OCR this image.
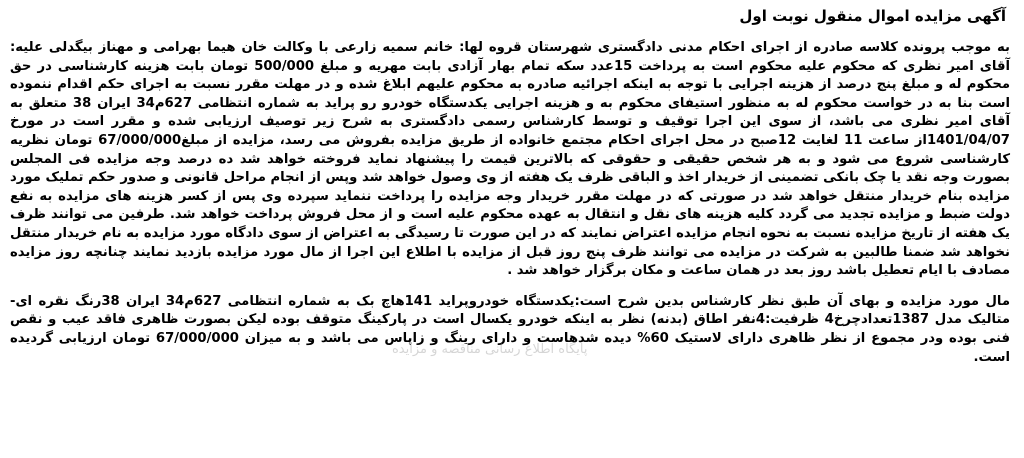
آگهی مزایده اموال منقول نوبت اول

به موجب پرونده کلاسه صادره از اجرای احکام مدنی دادگستری شهرستان قروه لها: خانم سمیه زارعی با وکالت خان هیما بهرامی و مهناز بیگدلی علیه: آقای امیر نظری که محکوم علیه محکوم است به پرداخت 15عدد سکه تمام بهار آزادی بابت مهریه و مبلغ 500/000 تومان بابت هزینه کارشناسی در حق محکوم له و مبلغ پنج درصد از هزینه اجرایی با توجه به اینکه اجرائیه صادره به محکوم علیهم ابلاغ شده و در مهلت مقرر نسبت به اجرای حکم اقدام ننموده است بنا به در خواست محکوم له به منظور استیفای محکوم به و هزینه اجرایی یکدستگاه خودرو رو پراید به شماره انتظامی 627م34 ایران 38 متعلق به آقای امیر نظری می باشد، از سوی این اجرا توقیف و توسط کارشناس رسمی دادگستری به شرح زیر توصیف ارزیابی شده و مقرر است در مورخ 1401/04/07از ساعت 11 لغایت 12صبح در محل اجرای احکام مجتمع خانواده از طریق مزایده بفروش می رسد، مزایده از مبلغ67/000/000 تومان نظریه کارشناسی شروع می شود و به هر شخص حقیقی و حقوقی که بالاترین قیمت را پیشنهاد نماید فروخته خواهد شد ده درصد وجه مزایده فی المجلس بصورت وجه نقد یا چک بانکی تضمینی از خریدار اخذ و الباقی ظرف یک هفته از وی وصول خواهد شد وپس از انجام مراحل قانونی و صدور حکم تملیک مورد مزایده بنام خریدار منتقل خواهد شد در صورتی که در مهلت مقرر خریدار وجه مزایده را پرداخت ننماید سپرده وی پس از کسر هزینه های مزایده به نفع دولت ضبط و مزایده تجدید می گردد کلیه هزینه های نقل و انتقال به عهده محکوم علیه است و از محل فروش پرداخت خواهد شد. طرفین می توانند ظرف یک هفته از تاریخ مزایده نسبت به نحوه انجام مزایده اعتراض نمایند که در این صورت تا رسیدگی به اعتراض از سوی دادگاه مورد مزایده به نام خریدار منتقل نخواهد شد ضمنا طالبین به شرکت در مزایده می توانند ظرف پنج روز قبل از مزایده با اطلاع این اجرا از مال مورد مزایده بازدید نمایند چنانچه روز مزایده مصادف با ایام تعطیل باشد روز بعد در همان ساعت و مکان برگزار خواهد شد .

مال مورد مزایده و بهای آن طبق نظر کارشناس بدین شرح است:یکدستگاه خودروپراید 141هاچ بک به شماره انتظامی 627م34 ایران 38رنگ نقره ای- متالیک مدل 1387تعدادچرخ4 ظرفیت:4نفر اطاق (بدنه) نظر به اینکه خودرو یکسال است در پارکینگ متوقف بوده لیکن بصورت ظاهری فاقد عیب و نقص فنی بوده ودر مجموع از نظر ظاهری دارای لاستیک 60% دیده شدهاست و دارای رینگ و زاپاس می باشد و به میزان 67/000/000 تومان ارزیابی گردیده است.

پایگاه اطلاع رسانی مناقصه و مزایده
